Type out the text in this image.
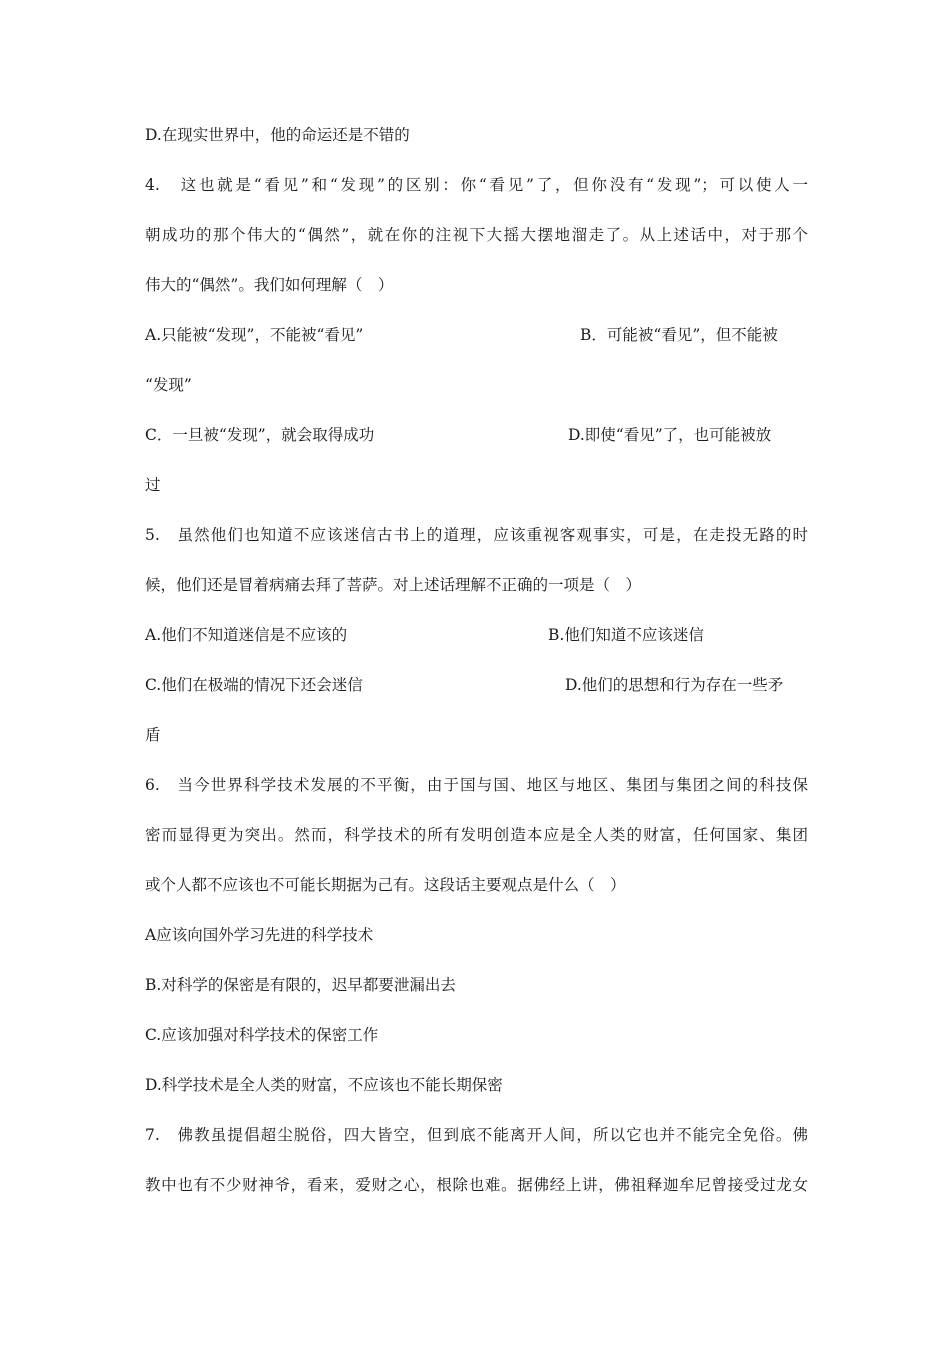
D.在现实世界中，他的命运还是不错的
4.　这也就是“看见”和“发现”的区别：你“看见”了，但你没有“发现”；可以使人一
朝成功的那个伟大的“偶然”，就在你的注视下大摇大摆地溜走了。从上述话中，对于那个
伟大的“偶然”。我们如何理解（　）
A.只能被“发现”，不能被“看见”	B．可能被“看见”，但不能被
“发现”
C．一旦被“发现”，就会取得成功	D.即使“看见”了，也可能被放
过
5.　虽然他们也知道不应该迷信古书上的道理，应该重视客观事实，可是，在走投无路的时
候，他们还是冒着病痛去拜了菩萨。对上述话理解不正确的一项是（　）
A.他们不知道迷信是不应该的	B.他们知道不应该迷信
C.他们在极端的情况下还会迷信	D.他们的思想和行为存在一些矛
盾
6.　当今世界科学技术发展的不平衡，由于国与国、地区与地区、集团与集团之间的科技保
密而显得更为突出。然而，科学技术的所有发明创造本应是全人类的财富，任何国家、集团
或个人都不应该也不可能长期据为己有。这段话主要观点是什么（　）
A应该向国外学习先进的科学技术
B.对科学的保密是有限的，迟早都要泄漏出去
C.应该加强对科学技术的保密工作
D.科学技术是全人类的财富，不应该也不能长期保密
7.　佛教虽提倡超尘脱俗，四大皆空，但到底不能离开人间，所以它也并不能完全免俗。佛
教中也有不少财神爷，看来，爱财之心，根除也难。据佛经上讲，佛祖释迦牟尼曾接受过龙女
